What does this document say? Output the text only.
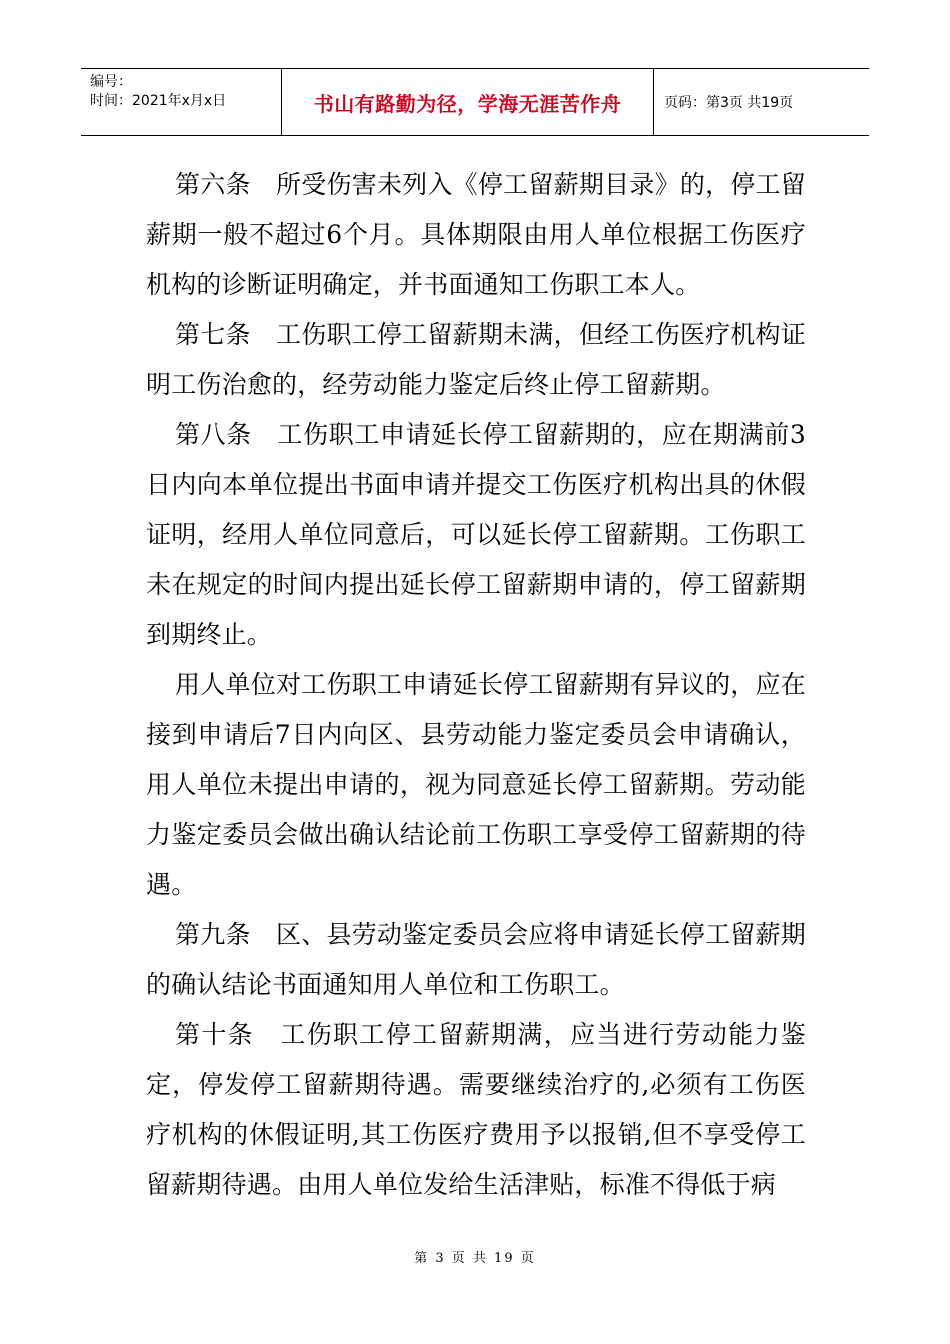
编号：
时间：2021年x月x日	书山有路勤为径，学海无涯苦作舟	页码：第3页 共19页

第六条　所受伤害未列入《停工留薪期目录》的，停工留薪期一般不超过6个月。具体期限由用人单位根据工伤医疗机构的诊断证明确定，并书面通知工伤职工本人。

第七条　工伤职工停工留薪期未满，但经工伤医疗机构证明工伤治愈的，经劳动能力鉴定后终止停工留薪期。

第八条　工伤职工申请延长停工留薪期的，应在期满前3日内向本单位提出书面申请并提交工伤医疗机构出具的休假证明，经用人单位同意后，可以延长停工留薪期。工伤职工未在规定的时间内提出延长停工留薪期申请的，停工留薪期到期终止。

用人单位对工伤职工申请延长停工留薪期有异议的，应在接到申请后7日内向区、县劳动能力鉴定委员会申请确认，用人单位未提出申请的，视为同意延长停工留薪期。劳动能力鉴定委员会做出确认结论前工伤职工享受停工留薪期的待遇。

第九条　区、县劳动鉴定委员会应将申请延长停工留薪期的确认结论书面通知用人单位和工伤职工。

第十条　工伤职工停工留薪期满，应当进行劳动能力鉴定，停发停工留薪期待遇。需要继续治疗的,必须有工伤医疗机构的休假证明,其工伤医疗费用予以报销,但不享受停工留薪期待遇。由用人单位发给生活津贴，标准不得低于病

第 3 页 共 19 页
